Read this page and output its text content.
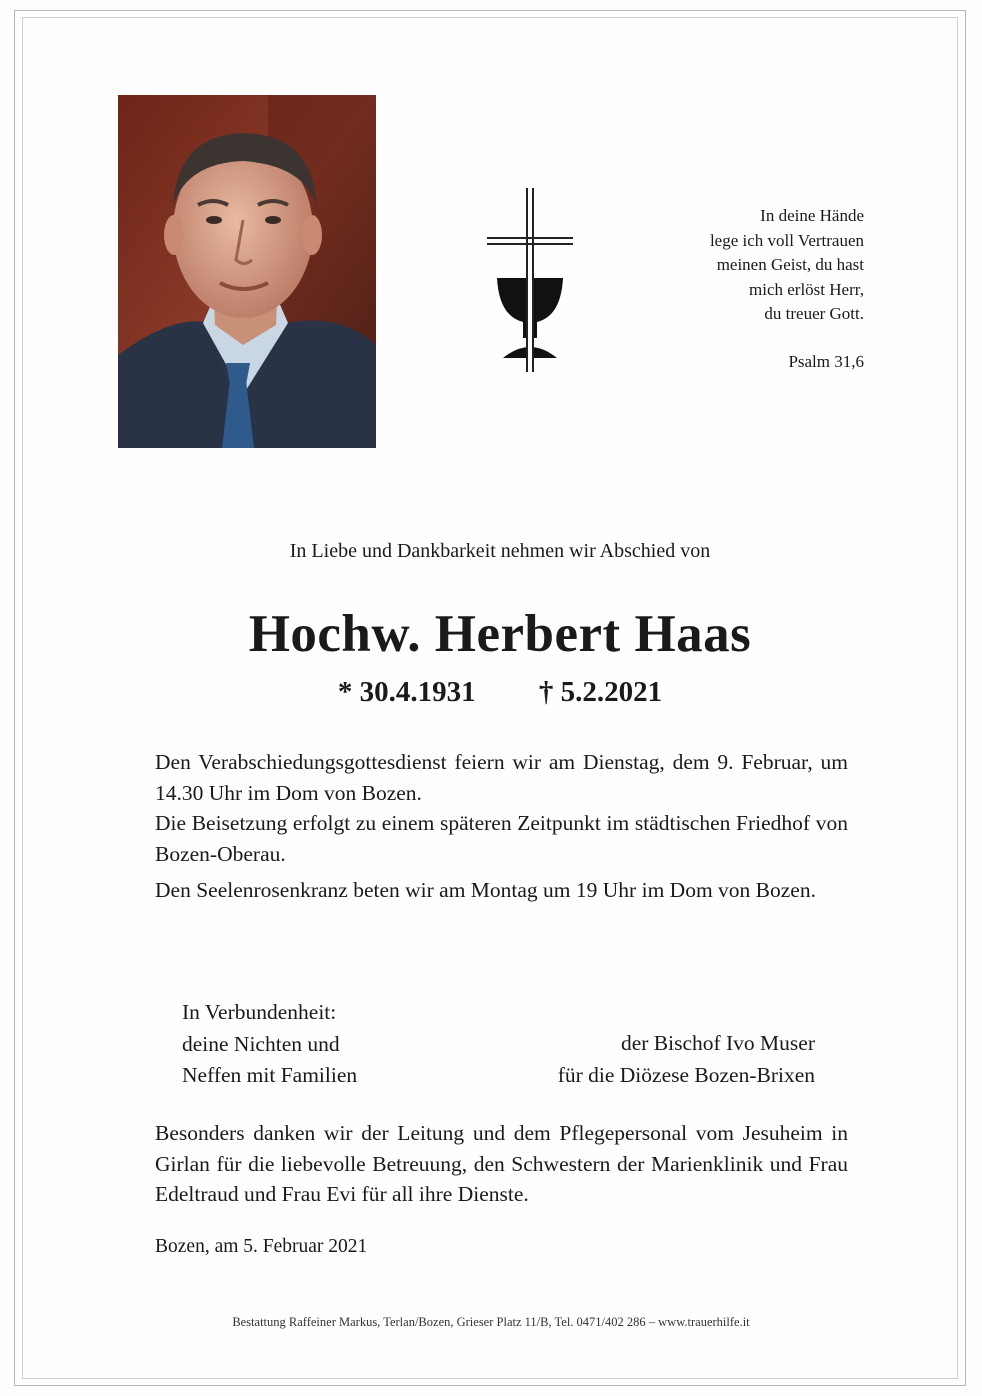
In deine Hände
lege ich voll Vertrauen
meinen Geist, du hast
mich erlöst Herr,
du treuer Gott.
Psalm 31,6
In Liebe und Dankbarkeit nehmen wir Abschied von
Hochw. Herbert Haas
* 30.4.1931 † 5.2.2021

Den Verabschiedungsgottesdienst feiern wir am Dienstag, dem 9. Februar, um 14.30 Uhr im Dom von Bozen.

Die Beisetzung erfolgt zu einem späteren Zeitpunkt im städtischen Friedhof von Bozen-Oberau.

Den Seelenrosenkranz beten wir am Montag um 19 Uhr im Dom von Bozen.

In Verbundenheit:
deine Nichten und
Neffen mit Familien
der Bischof Ivo Muser
für die Diözese Bozen-Brixen
Besonders danken wir der Leitung und dem Pflegepersonal vom Jesuheim in Girlan für die liebevolle Betreuung, den Schwestern der Marienklinik und Frau Edeltraud und Frau Evi für all ihre Dienste.
Bozen, am 5. Februar 2021
Bestattung Raffeiner Markus, Terlan/Bozen, Grieser Platz 11/B, Tel. 0471/402 286 – www.trauerhilfe.it
